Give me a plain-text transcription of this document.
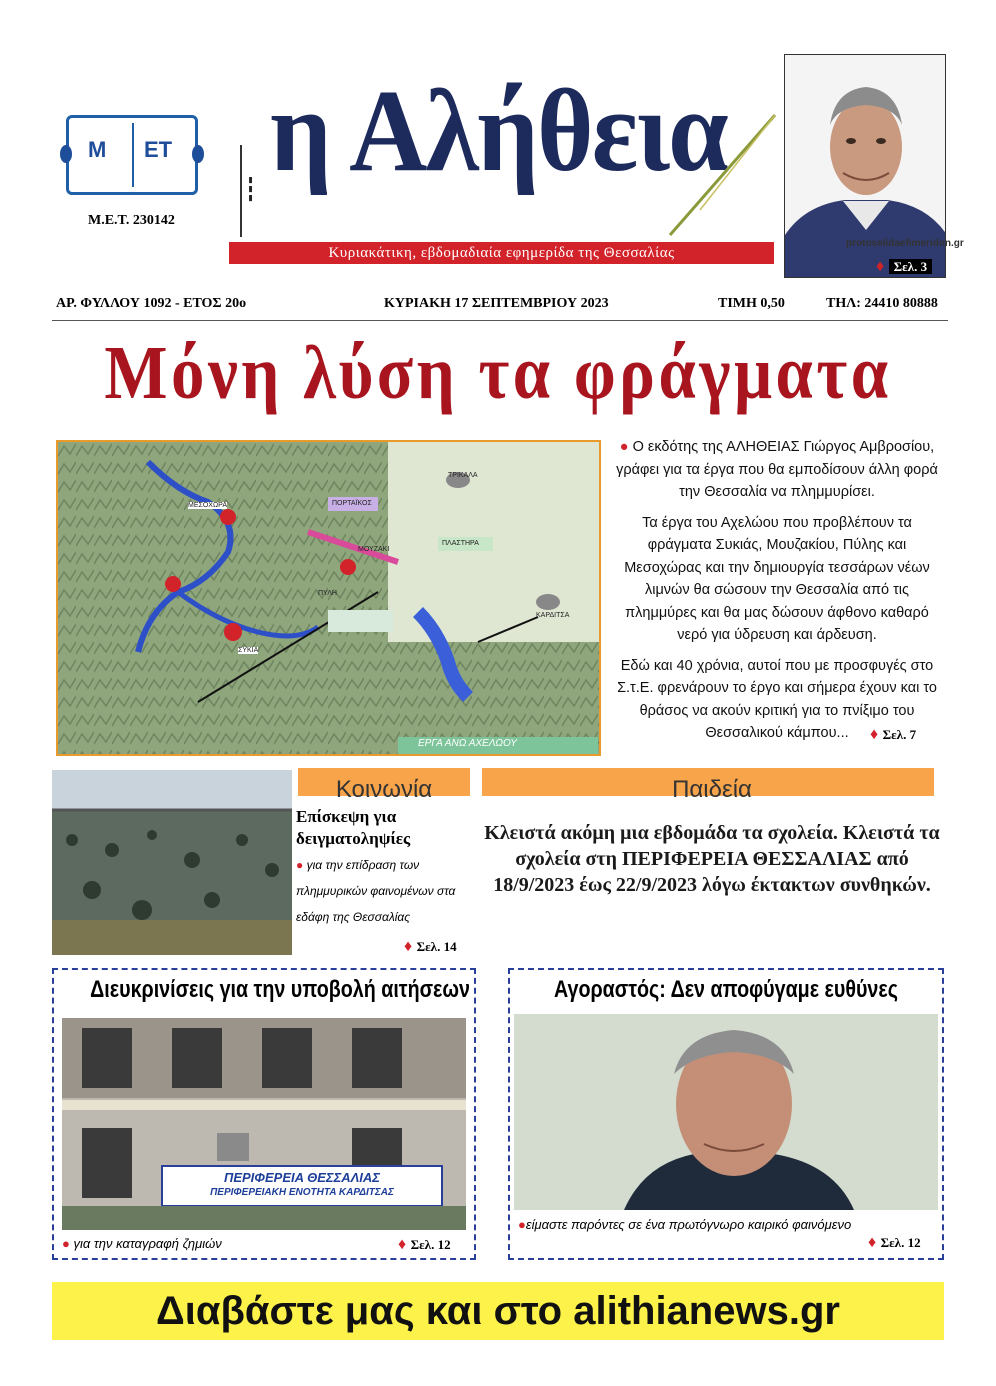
Μ ΕΤ
Μ.Ε.Τ. 230142
▮▮▮ η Αλήθεια
Κυριακάτικη, εβδομαδιαία εφημερίδα της Θεσσαλίας
protoselidaefimeridon.gr
♦ Σελ. 3
ΑΡ. ΦΥΛΛΟΥ 1092 - ΕΤΟΣ 20ο	ΚΥΡΙΑΚΗ 17 ΣΕΠΤΕΜΒΡΙΟΥ 2023	ΤΙΜΗ 0,50	ΤΗΛ: 24410 80888
Μόνη λύση τα φράγματα
ΕΡΓΑ ΑΝΩ ΑΧΕΛΩΟΥ
ΤΡΙΚΑΛΑ
ΚΑΡΔΙΤΣΑ
ΜΟΥΖΑΚΙ
ΜΕΣΟΧΩΡΑ
ΣΥΚΙΑ
ΠΥΛΗ
ΠΟΡΤΑΪΚΟΣ
ΠΛΑΣΤΗΡΑ

● Ο εκδότης της ΑΛΗΘΕΙΑΣ Γιώργος Αμβροσίου, γράφει για τα έργα που θα εμποδίσουν άλλη φορά την Θεσσαλία να πλημμυρίσει.

Τα έργα του Αχελώου που προβλέπουν τα φράγματα Συκιάς, Μουζακίου, Πύλης και Μεσοχώρας και την δημιουργία τεσσάρων νέων λιμνών θα σώσουν την Θεσσαλία από τις πλημμύρες και θα μας δώσουν άφθονο καθαρό νερό για ύδρευση και άρδευση.

Εδώ και 40 χρόνια, αυτοί που με προσφυγές στο Σ.τ.Ε. φρενάρουν το έργο και σήμερα έχουν και το θράσος να ακούν κριτική για το πνίξιμο του Θεσσαλικού κάμπου...	♦ Σελ. 7
Κοινωνία
Επίσκεψη για δειγματοληψίες
● για την επίδραση των πλημμυρικών φαινομένων στα εδάφη της Θεσσαλίας
♦ Σελ. 14
Παιδεία
Κλειστά ακόμη μια εβδομάδα τα σχολεία. Κλειστά τα σχολεία στη ΠΕΡΙΦΕΡΕΙΑ ΘΕΣΣΑΛΙΑΣ από 18/9/2023 έως 22/9/2023 λόγω έκτακτων συνθηκών.
Διευκρινίσεις για την υποβολή αιτήσεων
ΠΕΡΙΦΕΡΕΙΑ ΘΕΣΣΑΛΙΑΣ
ΠΕΡΙΦΕΡΕΙΑΚΗ ΕΝΟΤΗΤΑ ΚΑΡΔΙΤΣΑΣ
● για την καταγραφή ζημιών	♦ Σελ. 12
Αγοραστός: Δεν αποφύγαμε ευθύνες
●είμαστε παρόντες σε ένα πρωτόγνωρο καιρικό φαινόμενο
♦ Σελ. 12
Διαβάστε μας και στο alithianews.gr
